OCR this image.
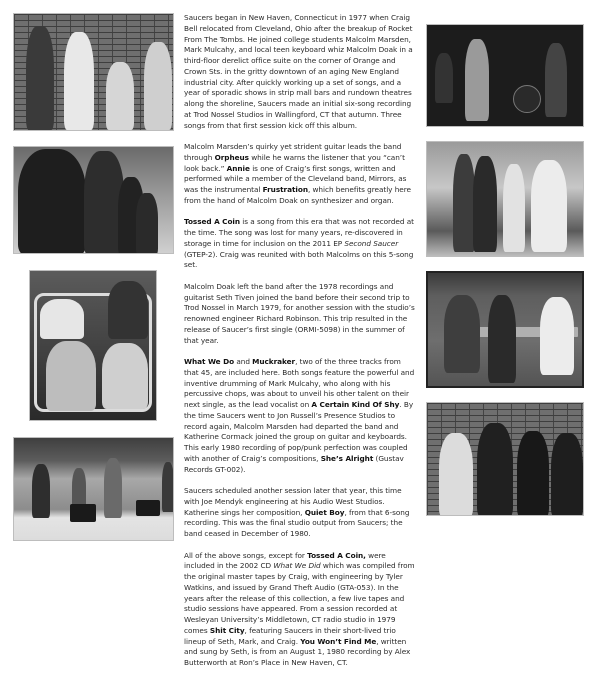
Saucers began in New Haven, Connecticut in 1977 when Craig Bell relocated from Cleveland, Ohio after the breakup of Rocket From The Tombs. He joined college students Malcolm Marsden, Mark Mulcahy, and local teen keyboard whiz Malcolm Doak in a third-floor derelict office suite on the corner of Orange and Crown Sts. in the gritty downtown of an aging New England industrial city. After quickly working up a set of songs, and a year of sporadic shows in strip mall bars and rundown theatres along the shoreline, Saucers made an initial six-song recording at Trod Nossel Studios in Wallingford, CT that autumn. Three songs from that first session kick off this album.

Malcolm Marsden’s quirky yet strident guitar leads the band through Orpheus while he warns the listener that you “can’t look back.” Annie is one of Craig’s first songs, written and performed while a member of the Cleveland band, Mirrors, as was the instrumental Frustration, which benefits greatly here from the hand of Malcolm Doak on synthesizer and organ.

Tossed A Coin is a song from this era that was not recorded at the time. The song was lost for many years, re-discovered in storage in time for inclusion on the 2011 EP Second Saucer (GTEP-2). Craig was reunited with both Malcolms on this 5-song set.

Malcolm Doak left the band after the 1978 recordings and guitarist Seth Tiven joined the band before their second trip to Trod Nossel in March 1979, for another session with the studio’s renowned engineer Richard Robinson. This trip resulted in the release of Saucer’s first single (ORMI-5098) in the summer of that year.

What We Do and Muckraker, two of the three tracks from that 45, are included here. Both songs feature the powerful and inventive drumming of Mark Mulcahy, who along with his percussive chops, was about to unveil his other talent on their next single, as the lead vocalist on A Certain Kind Of Shy. By the time Saucers went to Jon Russell’s Presence Studios to record again, Malcolm Marsden had departed the band and Katherine Cormack joined the group on guitar and keyboards. This early 1980 recording of pop/punk perfection was coupled with another of Craig’s compositions, She’s Alright (Gustav Records GT-002).

Saucers scheduled another session later that year, this time with Joe Mendyk engineering at his Audio West Studios. Katherine sings her composition, Quiet Boy, from that 6-song recording. This was the final studio output from Saucers; the band ceased in December of 1980.

All of the above songs, except for Tossed A Coin, were included in the 2002 CD What We Did which was compiled from the original master tapes by Craig, with engineering by Tyler Watkins, and issued by Grand Theft Audio (GTA-053). In the years after the release of this collection, a few live tapes and studio sessions have appeared. From a session recorded at Wesleyan University’s Middletown, CT radio studio in 1979 comes Shit City, featuring Saucers in their short-lived trio lineup of Seth, Mark, and Craig. You Won’t Find Me, written and sung by Seth, is from an August 1, 1980 recording by Alex Butterworth at Ron’s Place in New Haven, CT.
